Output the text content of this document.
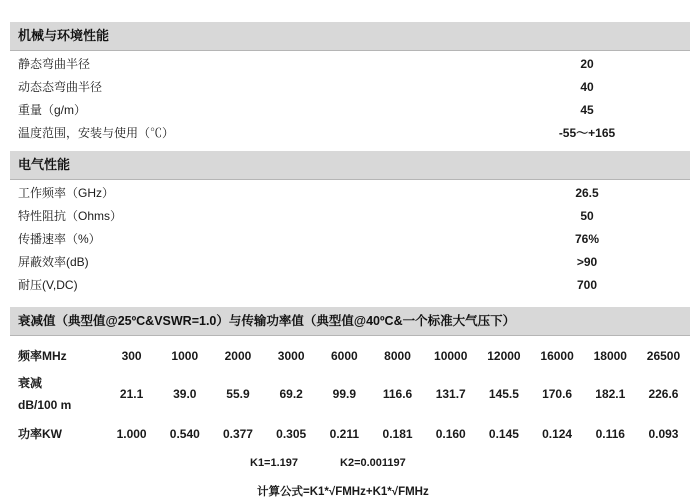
机械与环境性能
静态弯曲半径	20
动态态弯曲半径	40
重量（g/m）	45
温度范围，安装与使用（℃）	-55～+165
电气性能
工作频率（GHz）	26.5
特性阻抗（Ohms）	50
传播速率（%）	76%
屏蔽效率(dB)	>90
耐压(V,DC)	700
衰减值（典型值@25ºC&VSWR=1.0）与传输功率值（典型值@40ºC&一个标准大气压下）
频率MHz	300	1000	2000	3000	6000	8000	10000	12000	16000	18000	26500
衰减
dB/100 m
21.1	39.0	55.9	69.2	99.9	116.6	131.7	145.5	170.6	182.1	226.6
功率KW	1.000	0.540	0.377	0.305	0.211	0.181	0.160	0.145	0.124	0.116	0.093
K1=1.197	K2=0.001197
计算公式=K1*√FMHz+K1*√FMHz
